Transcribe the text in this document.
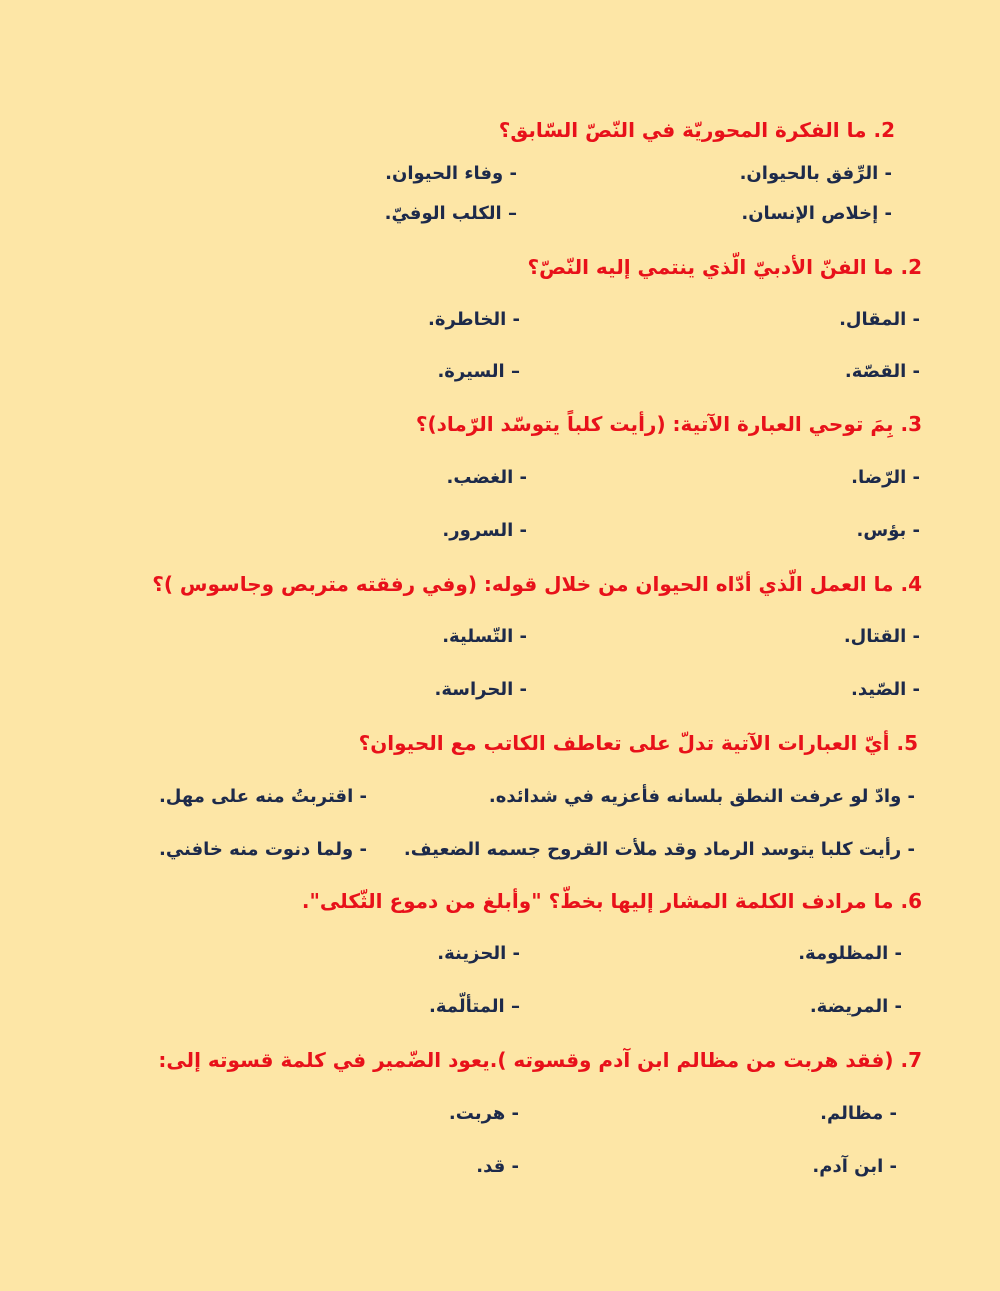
2. ما الفكرة المحوريّة في النّصّ السّابق؟
- الرِّفق بالحيوان.
- وفاء الحيوان.
- إخلاص الإنسان.
– الكلب الوفيّ.
2. ما الفنّ الأدبيّ الّذي ينتمي إليه النّصّ؟
- المقال.
- الخاطرة.
- القصّة.
– السيرة.
3. بِمَ توحي العبارة الآتية: (رأيت كلباً يتوسّد الرّماد)؟
- الرّضا.
- الغضب.
- بؤس.
- السرور.
4. ما العمل الّذي أدّاه الحيوان من خلال قوله: (وفي رفقته متربص وجاسوس )؟
- القتال.
- التّسلية.
- الصّيد.
- الحراسة.
5. أيّ العبارات الآتية تدلّ على تعاطف الكاتب مع الحيوان؟
- وادّ لو عرفت النطق بلسانه فأعزيه في شدائده.
- اقتربتُ منه على مهل.
- رأيت كلبا يتوسد الرماد وقد ملأت القروح جسمه الضعيف.
- ولما دنوت منه خافني.
6. ما مرادف الكلمة المشار إليها بخطّ؟ "وأبلغ من دموع الثّكلى".
- المظلومة.
- الحزينة.
- المريضة.
– المتألّمة.
7. (فقد هربت من مظالم ابن آدم وقسوته ).يعود الضّمير في كلمة قسوته إلى:
- مظالم.
- هربت.
- ابن آدم.
- قد.
